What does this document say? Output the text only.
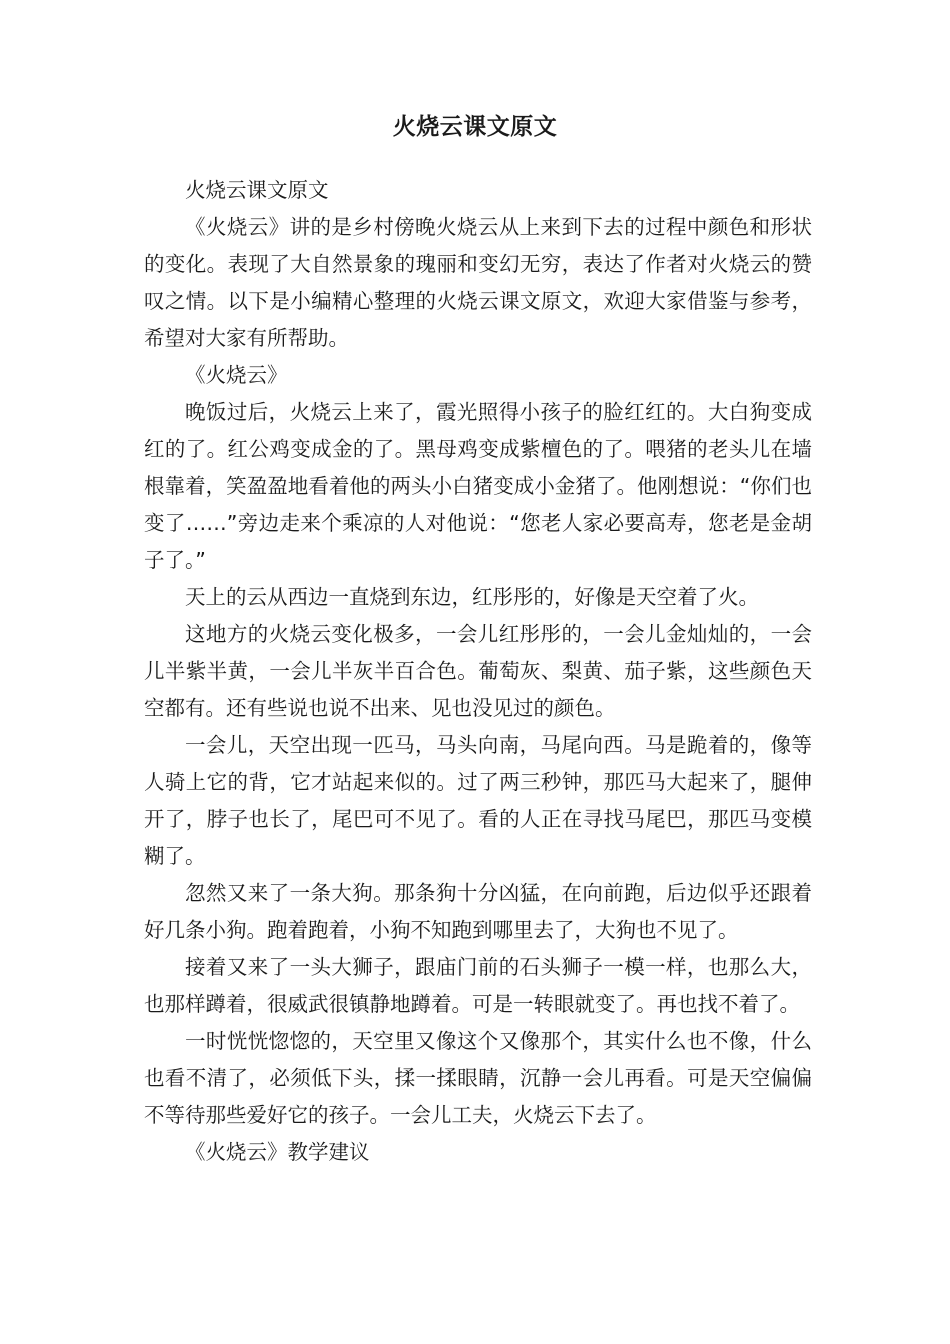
火烧云课文原文

火烧云课文原文

《火烧云》讲的是乡村傍晚火烧云从上来到下去的过程中颜色和形状的变化。表现了大自然景象的瑰丽和变幻无穷，表达了作者对火烧云的赞叹之情。以下是小编精心整理的火烧云课文原文，欢迎大家借鉴与参考，希望对大家有所帮助。

《火烧云》

晚饭过后，火烧云上来了，霞光照得小孩子的脸红红的。大白狗变成红的了。红公鸡变成金的了。黑母鸡变成紫檀色的了。喂猪的老头儿在墙根靠着，笑盈盈地看着他的两头小白猪变成小金猪了。他刚想说：“你们也变了……”旁边走来个乘凉的人对他说：“您老人家必要高寿，您老是金胡子了。”

天上的云从西边一直烧到东边，红彤彤的，好像是天空着了火。

这地方的火烧云变化极多，一会儿红彤彤的，一会儿金灿灿的，一会儿半紫半黄，一会儿半灰半百合色。葡萄灰、梨黄、茄子紫，这些颜色天空都有。还有些说也说不出来、见也没见过的颜色。

一会儿，天空出现一匹马，马头向南，马尾向西。马是跪着的，像等人骑上它的背，它才站起来似的。过了两三秒钟，那匹马大起来了，腿伸开了，脖子也长了，尾巴可不见了。看的人正在寻找马尾巴，那匹马变模糊了。

忽然又来了一条大狗。那条狗十分凶猛，在向前跑，后边似乎还跟着好几条小狗。跑着跑着，小狗不知跑到哪里去了，大狗也不见了。

接着又来了一头大狮子，跟庙门前的石头狮子一模一样，也那么大，也那样蹲着，很威武很镇静地蹲着。可是一转眼就变了。再也找不着了。

一时恍恍惚惚的，天空里又像这个又像那个，其实什么也不像，什么也看不清了，必须低下头，揉一揉眼睛，沉静一会儿再看。可是天空偏偏不等待那些爱好它的孩子。一会儿工夫，火烧云下去了。

《火烧云》教学建议
